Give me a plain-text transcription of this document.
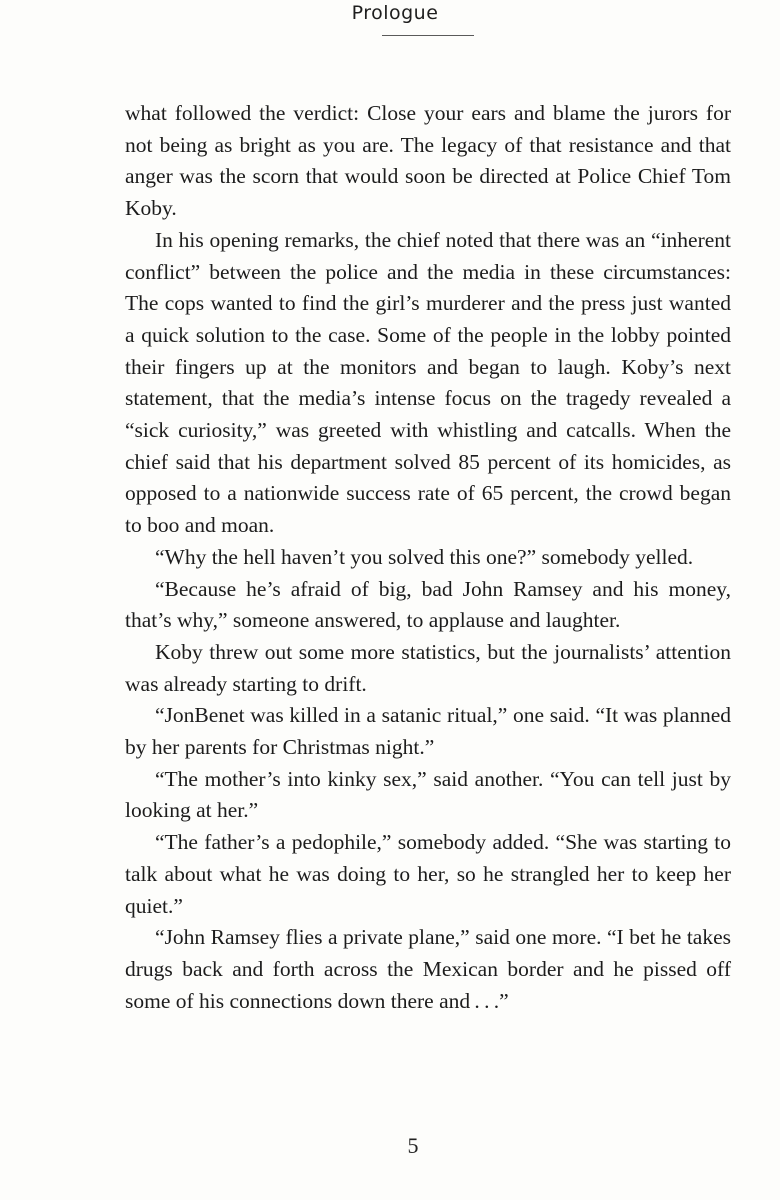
Prologue

what followed the verdict: Close your ears and blame the jurors for not being as bright as you are. The legacy of that resistance and that anger was the scorn that would soon be directed at Police Chief Tom Koby.

In his opening remarks, the chief noted that there was an “inherent conflict” between the police and the media in these circumstances: The cops wanted to find the girl’s murderer and the press just wanted a quick solution to the case. Some of the people in the lobby pointed their fingers up at the monitors and began to laugh. Koby’s next statement, that the media’s intense focus on the tragedy revealed a “sick curiosity,” was greeted with whistling and catcalls. When the chief said that his department solved 85 percent of its homicides, as opposed to a nationwide success rate of 65 percent, the crowd began to boo and moan.

“Why the hell haven’t you solved this one?” somebody yelled.

“Because he’s afraid of big, bad John Ramsey and his money, that’s why,” someone answered, to applause and laughter.

Koby threw out some more statistics, but the journalists’ attention was already starting to drift.

“JonBenet was killed in a satanic ritual,” one said. “It was planned by her parents for Christmas night.”

“The mother’s into kinky sex,” said another. “You can tell just by looking at her.”

“The father’s a pedophile,” somebody added. “She was starting to talk about what he was doing to her, so he strangled her to keep her quiet.”

“John Ramsey flies a private plane,” said one more. “I bet he takes drugs back and forth across the Mexican border and he pissed off some of his connections down there and . . .”

5
